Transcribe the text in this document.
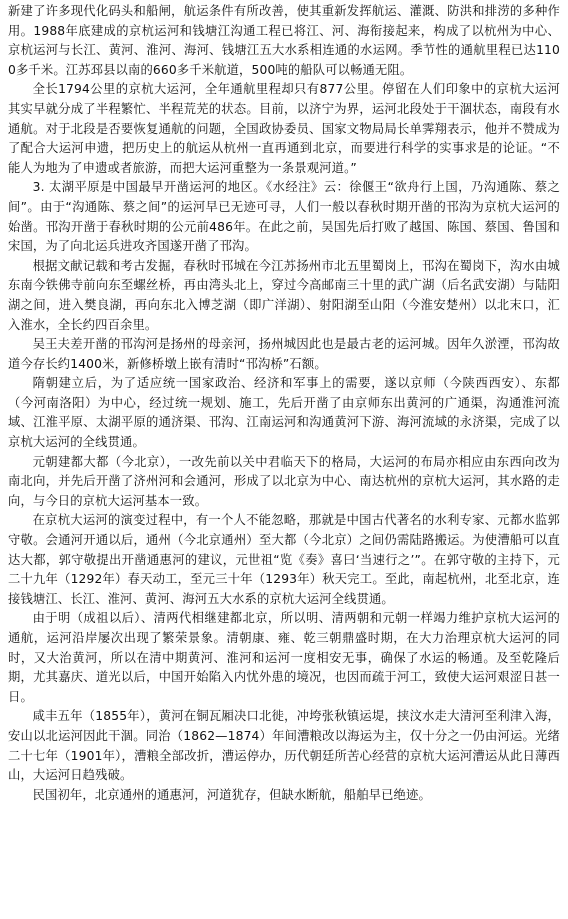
新建了许多现代化码头和船闸，航运条件有所改善，使其重新发挥航运、灌溉、防洪和排涝的多种作用。1988年底建成的京杭运河和钱塘江沟通工程已将江、河、海衔接起来，构成了以杭州为中心、京杭运河与长江、黄河、淮河、海河、钱塘江五大水系相连通的水运网。季节性的通航里程已达1100多千米。江苏邳县以南的660多千米航道，500吨的船队可以畅通无阻。

全长1794公里的京杭大运河，全年通航里程却只有877公里。停留在人们印象中的京杭大运河其实早就分成了半程繁忙、半程荒芜的状态。目前，以济宁为界，运河北段处于干涸状态，南段有水通航。对于北段是否要恢复通航的问题，全国政协委员、国家文物局局长单霁翔表示，他并不赞成为了配合大运河申遗，把历史上的航运从杭州一直再通到北京，而要进行科学的实事求是的论证。“不能人为地为了申遗或者旅游，而把大运河重整为一条景观河道。”

3. 太湖平原是中国最早开凿运河的地区。《水经注》云：徐偃王“欲舟行上国，乃沟通陈、蔡之间”。由于“沟通陈、蔡之间”的运河早已无迹可寻，人们一般以春秋时期开凿的邗沟为京杭大运河的始凿。邗沟开凿于春秋时期的公元前486年。在此之前，吴国先后打败了越国、陈国、蔡国、鲁国和宋国，为了向北运兵进攻齐国遂开凿了邗沟。

根据文献记载和考古发掘，春秋时邗城在今江苏扬州市北五里蜀岗上，邗沟在蜀岗下，沟水由城东南今铁佛寺前向东至螺丝桥，再由湾头北上，穿过今高邮南三十里的武广湖（后名武安湖）与陆阳湖之间，进入樊良湖，再向东北入博芝湖（即广洋湖）、射阳湖至山阳（今淮安楚州）以北末口，汇入淮水，全长约四百余里。

吴王夫差开凿的邗沟河是扬州的母亲河，扬州城因此也是最古老的运河城。因年久淤湮，邗沟故道今存长约1400米，新修桥墩上嵌有清时“邗沟桥”石额。

隋朝建立后，为了适应统一国家政治、经济和军事上的需要，遂以京师（今陕西西安）、东都（今河南洛阳）为中心，经过统一规划、施工，先后开凿了由京师东出黄河的广通渠，沟通淮河流域、江淮平原、太湖平原的通济渠、邗沟、江南运河和沟通黄河下游、海河流域的永济渠，完成了以京杭大运河的全线贯通。

元朝建都大都（今北京），一改先前以关中君临天下的格局，大运河的布局亦相应由东西向改为南北向，并先后开凿了济州河和会通河，形成了以北京为中心、南达杭州的京杭大运河，其水路的走向，与今日的京杭大运河基本一致。

在京杭大运河的演变过程中，有一个人不能忽略，那就是中国古代著名的水利专家、元都水监郭守敬。会通河开通以后，通州（今北京通州）至大都（今北京）之间仍需陆路搬运。为使漕船可以直达大都，郭守敬提出开凿通惠河的建议，元世祖“览《奏》喜曰‘当速行之’”。在郭守敬的主持下，元二十九年（1292年）春天动工，至元三十年（1293年）秋天完工。至此，南起杭州，北至北京，连接钱塘江、长江、淮河、黄河、海河五大水系的京杭大运河全线贯通。

由于明（成祖以后）、清两代相继建都北京，所以明、清两朝和元朝一样竭力维护京杭大运河的通航，运河沿岸屡次出现了繁荣景象。清朝康、雍、乾三朝鼎盛时期，在大力治理京杭大运河的同时，又大治黄河，所以在清中期黄河、淮河和运河一度相安无事，确保了水运的畅通。及至乾隆后期，尤其嘉庆、道光以后，中国开始陷入内忧外患的境况，也因而疏于河工，致使大运河艰涩日甚一日。

咸丰五年（1855年），黄河在铜瓦厢决口北徙，冲垮张秋镇运堤，挟汶水走大清河至利津入海，安山以北运河因此干涸。同治（1862—1874）年间漕粮改以海运为主，仅十分之一仍由河运。光绪二十七年（1901年），漕粮全部改折，漕运停办，历代朝廷所苦心经营的京杭大运河漕运从此日薄西山，大运河日趋残破。

民国初年，北京通州的通惠河，河道犹存，但缺水断航，船舶早已绝迹。
